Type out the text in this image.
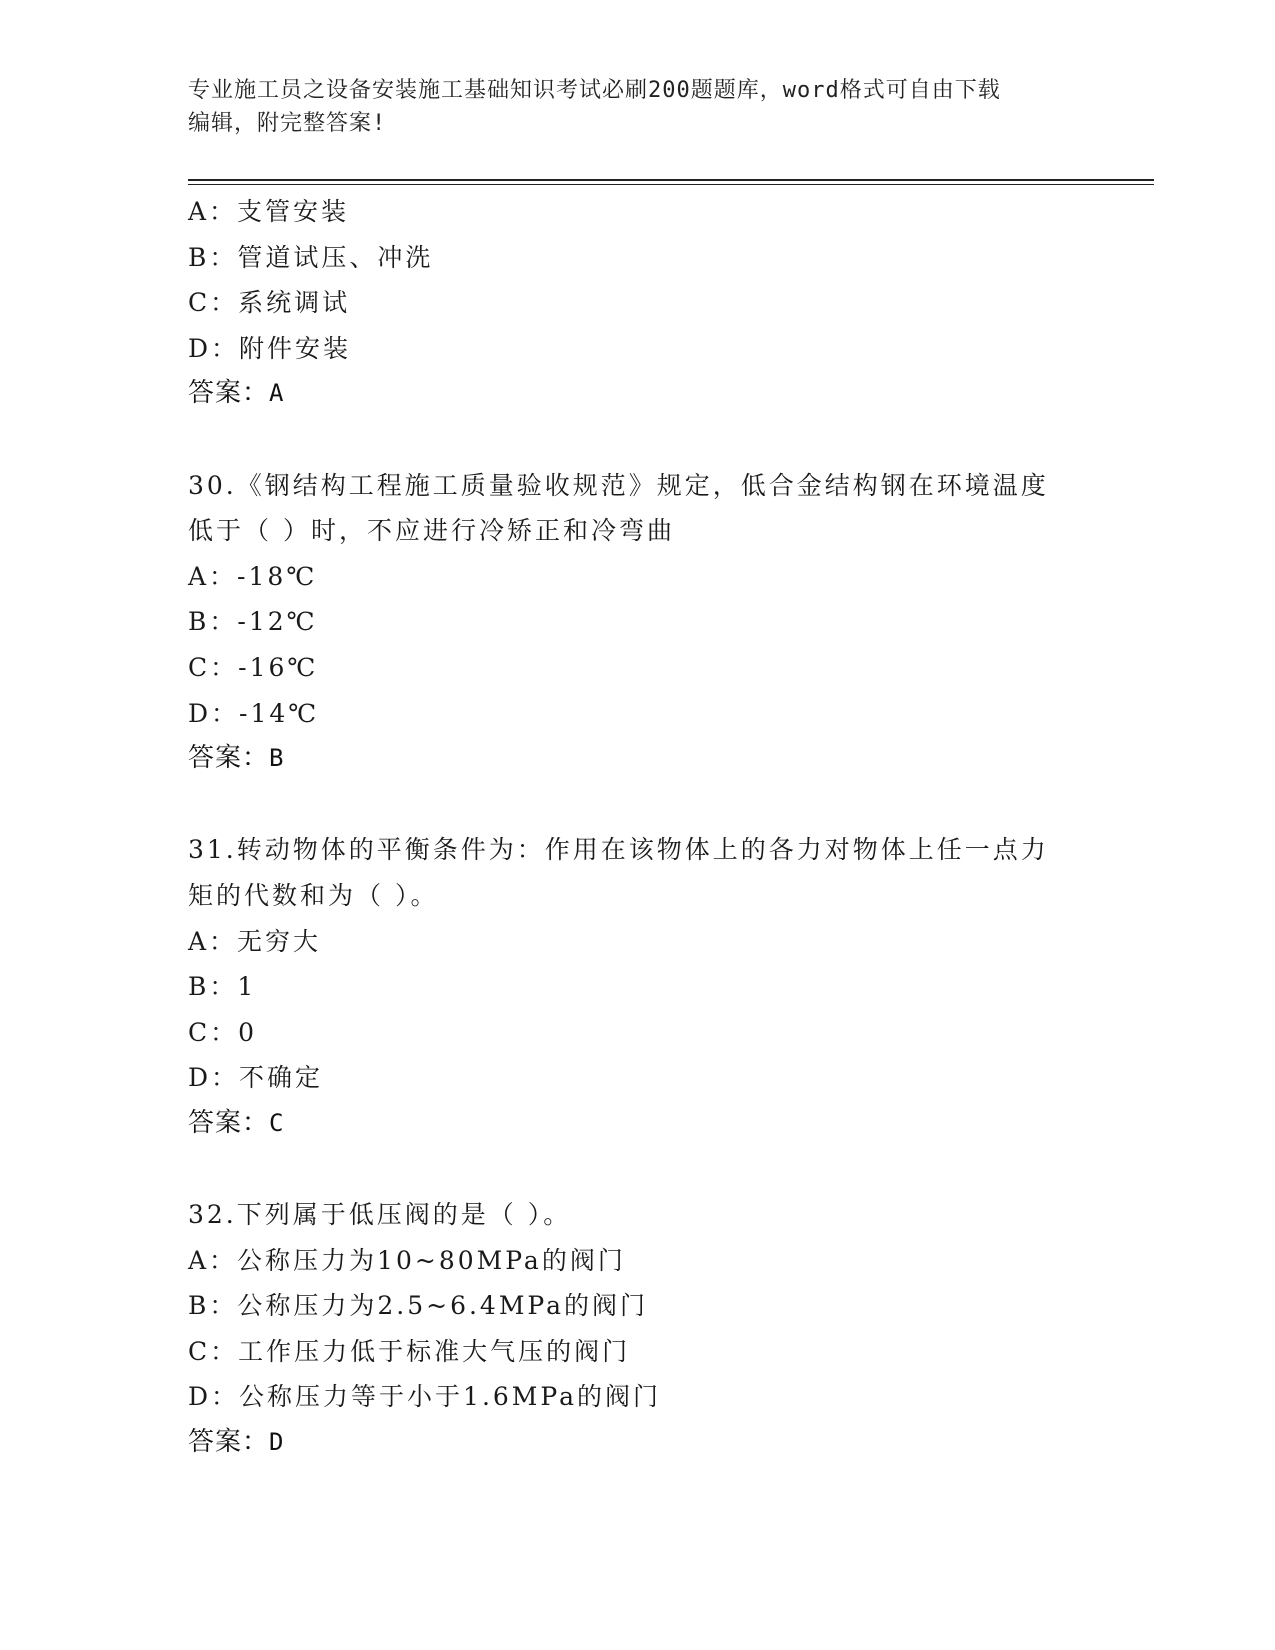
专业施工员之设备安装施工基础知识考试必刷200题题库，word格式可自由下载
编辑，附完整答案!
A：支管安装
B：管道试压、冲洗
C：系统调试
D：附件安装
答案：A
30.《钢结构工程施工质量验收规范》规定，低合金结构钢在环境温度
低于（ ）时，不应进行冷矫正和冷弯曲
A：-18℃
B：-12℃
C：-16℃
D：-14℃
答案：B
31.转动物体的平衡条件为：作用在该物体上的各力对物体上任一点力
矩的代数和为（ ）。
A：无穷大
B：1
C：0
D：不确定
答案：C
32.下列属于低压阀的是（ ）。
A：公称压力为10~80MPa的阀门
B：公称压力为2.5~6.4MPa的阀门
C：工作压力低于标准大气压的阀门
D：公称压力等于小于1.6MPa的阀门
答案：D
